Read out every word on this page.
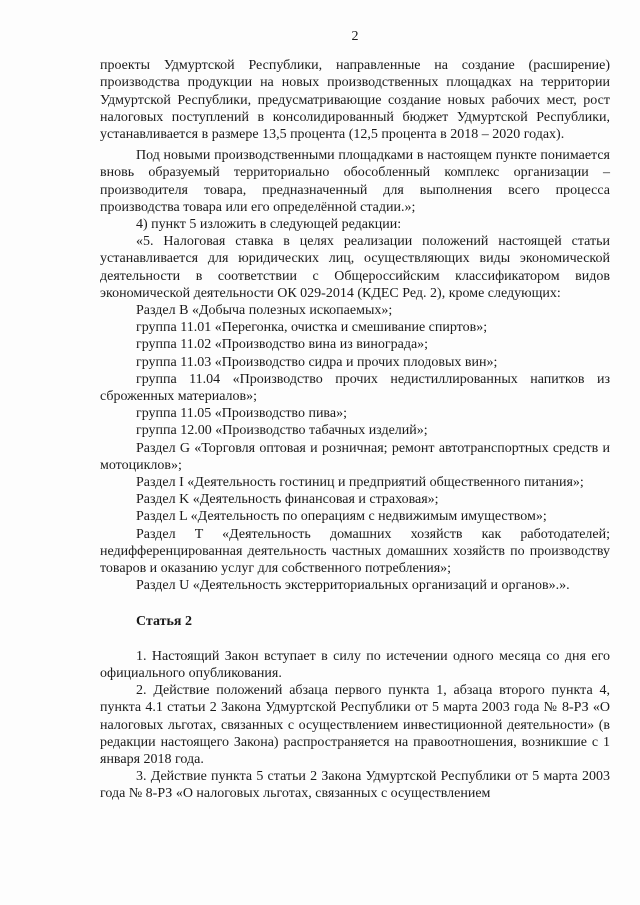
2

проекты Удмуртской Республики, направленные на создание (расширение) производства продукции на новых производственных площадках на территории Удмуртской Республики, предусматривающие создание новых рабочих мест, рост налоговых поступлений в консолидированный бюджет Удмуртской Республики, устанавливается в размере 13,5 процента (12,5 процента в 2018 – 2020 годах).

Под новыми производственными площадками в настоящем пункте понимается вновь образуемый территориально обособленный комплекс организации – производителя товара, предназначенный для выполнения всего процесса производства товара или его определённой стадии.»;

4) пункт 5 изложить в следующей редакции:

«5. Налоговая ставка в целях реализации положений настоящей статьи устанавливается для юридических лиц, осуществляющих виды экономической деятельности в соответствии с Общероссийским классификатором видов экономической деятельности ОК 029-2014 (КДЕС Ред. 2), кроме следующих:

Раздел B «Добыча полезных ископаемых»;

группа 11.01 «Перегонка, очистка и смешивание спиртов»;

группа 11.02 «Производство вина из винограда»;

группа 11.03 «Производство сидра и прочих плодовых вин»;

группа 11.04 «Производство прочих недистиллированных напитков из сброженных материалов»;

группа 11.05 «Производство пива»;

группа 12.00 «Производство табачных изделий»;

Раздел G «Торговля оптовая и розничная; ремонт автотранспортных средств и мотоциклов»;

Раздел I «Деятельность гостиниц и предприятий общественного питания»;

Раздел K «Деятельность финансовая и страховая»;

Раздел L «Деятельность по операциям с недвижимым имуществом»;

Раздел T «Деятельность домашних хозяйств как работодателей; недифференцированная деятельность частных домашних хозяйств по производству товаров и оказанию услуг для собственного потребления»;

Раздел U «Деятельность экстерриториальных организаций и органов».».

Статья 2

1. Настоящий Закон вступает в силу по истечении одного месяца со дня его официального опубликования.

2. Действие положений абзаца первого пункта 1, абзаца второго пункта 4, пункта 4.1 статьи 2 Закона Удмуртской Республики от 5 марта 2003 года № 8-РЗ «О налоговых льготах, связанных с осуществлением инвестиционной деятельности» (в редакции настоящего Закона) распространяется на правоотношения, возникшие с 1 января 2018 года.

3. Действие пункта 5 статьи 2 Закона Удмуртской Республики от 5 марта 2003 года № 8-РЗ «О налоговых льготах, связанных с осуществлением
